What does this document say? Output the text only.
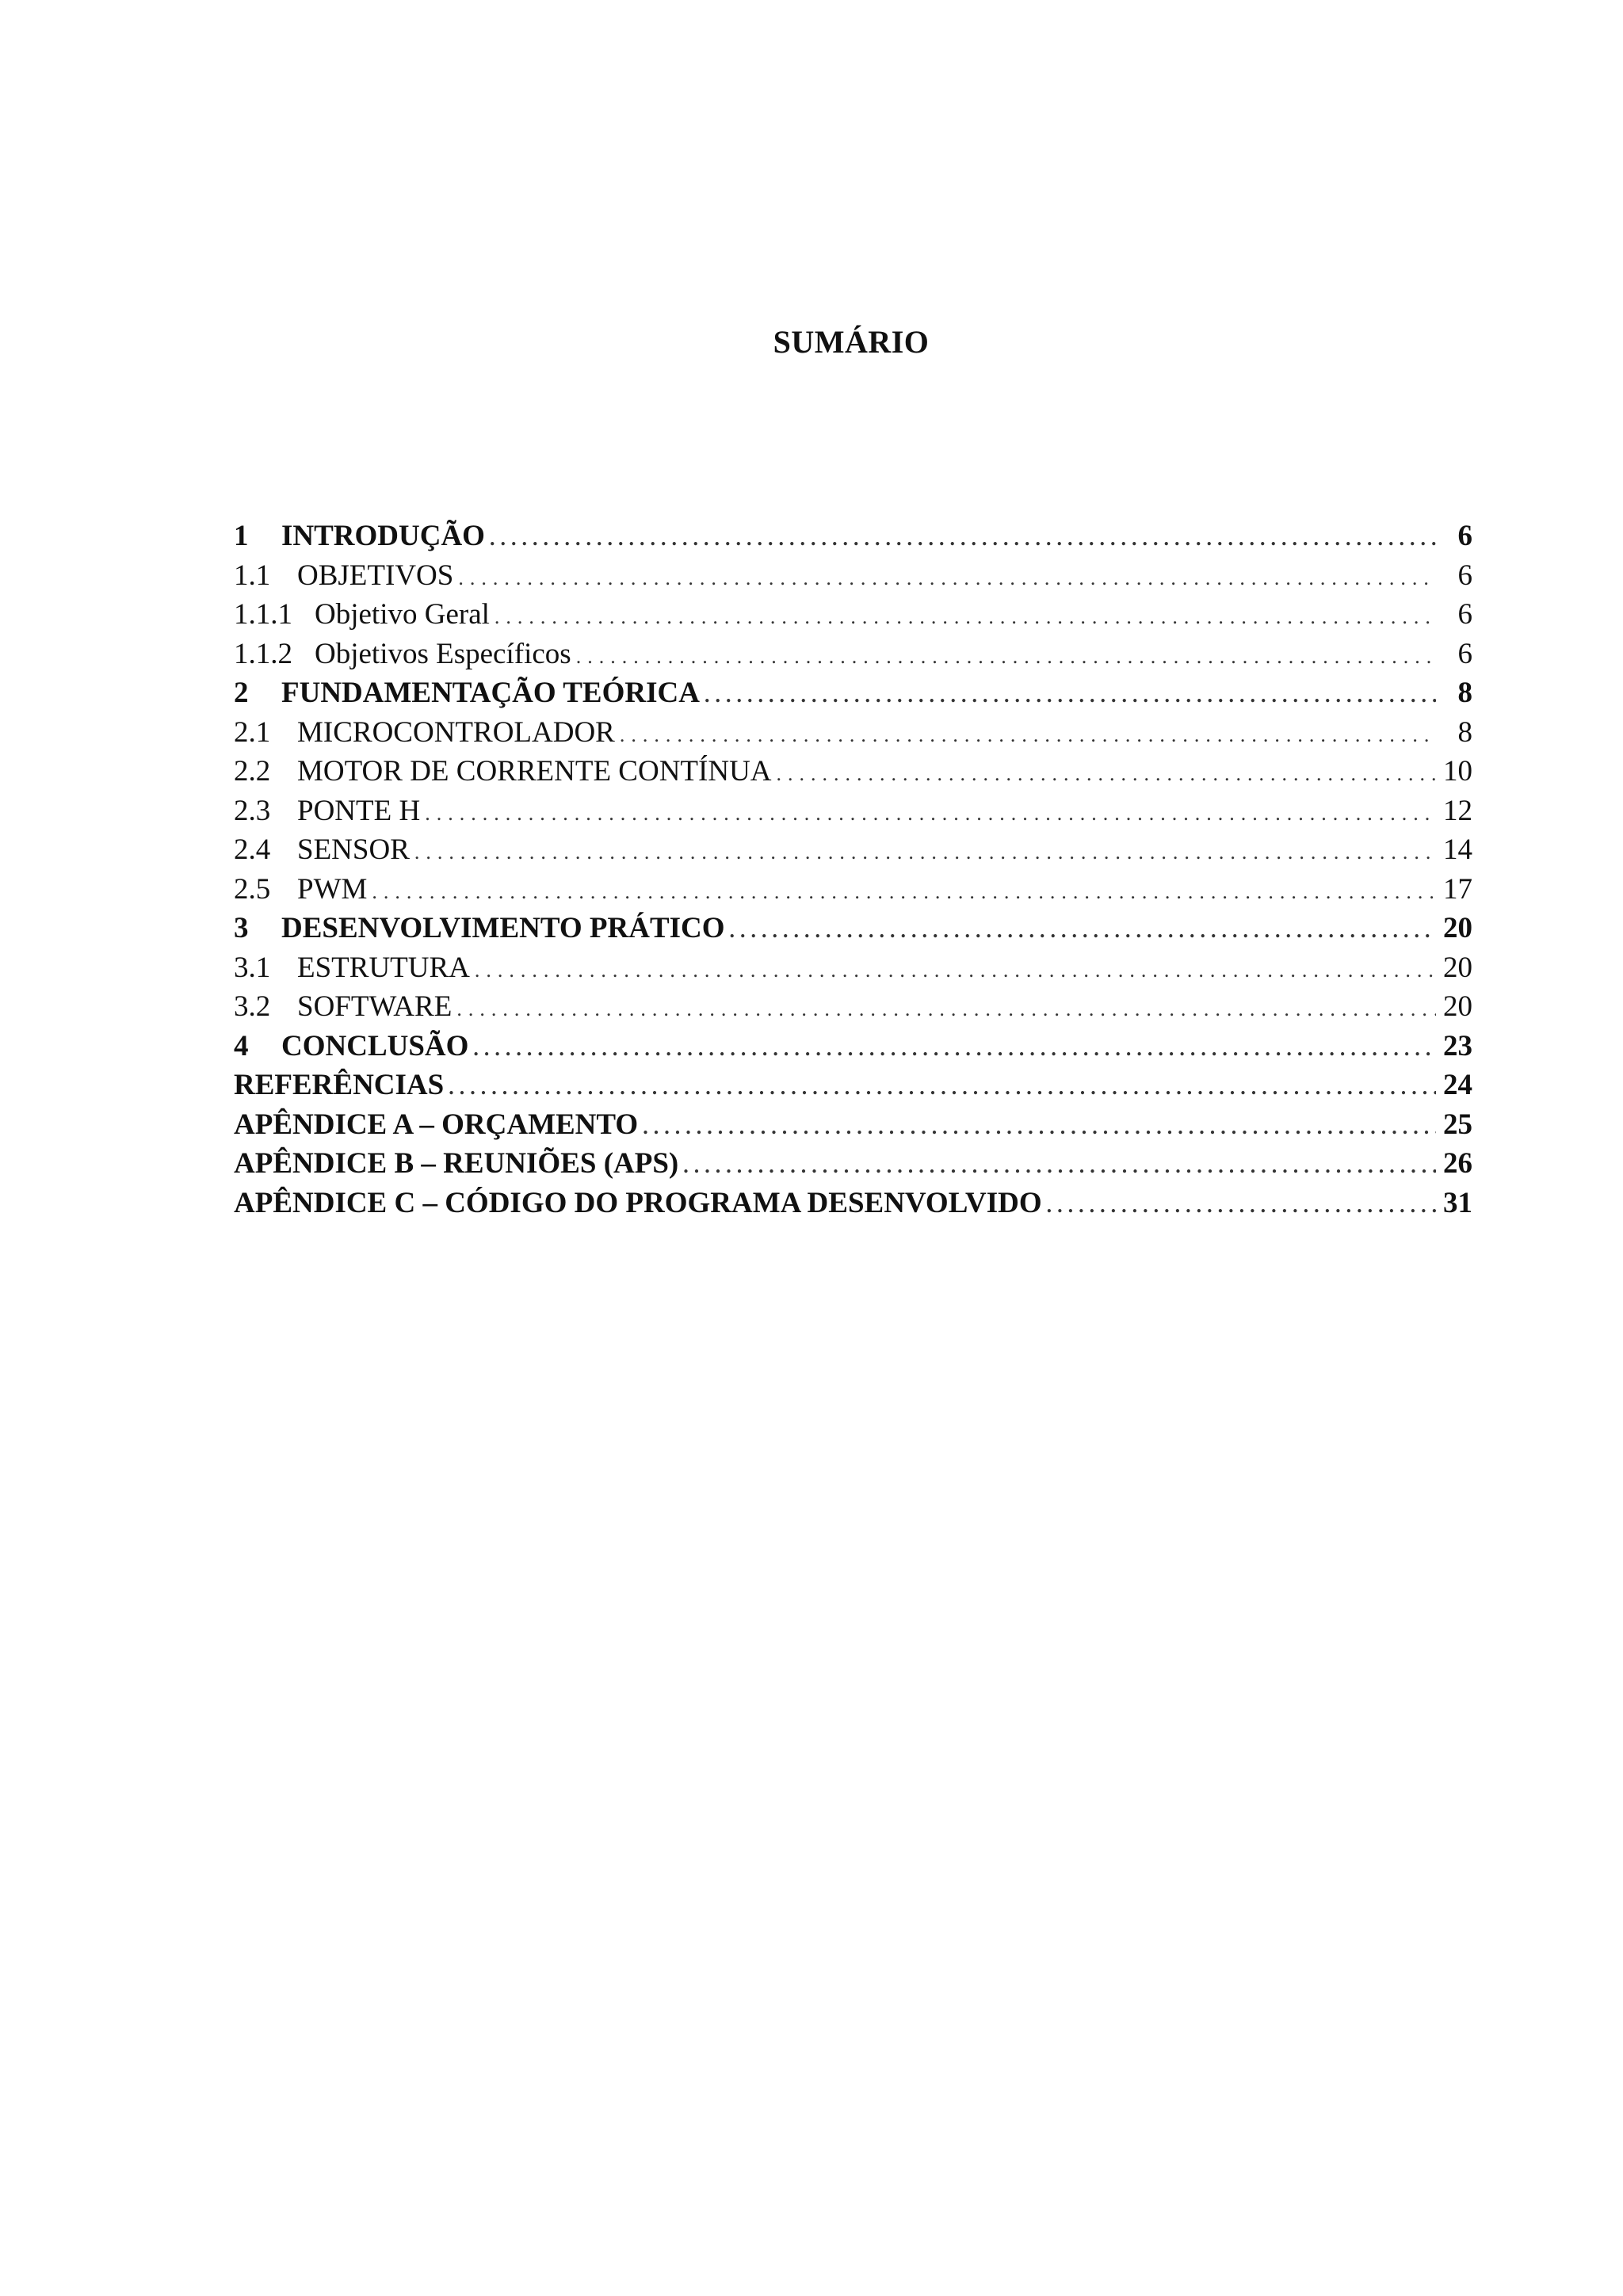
SUMÁRIO
1	INTRODUÇÃO .....	6
1.1 OBJETIVOS .....	6
1.1.1 Objetivo Geral .....	6
1.1.2 Objetivos Específicos .....	6
2	FUNDAMENTAÇÃO TEÓRICA .....	8
2.1 MICROCONTROLADOR .....	8
2.2 MOTOR DE CORRENTE CONTÍNUA .....	10
2.3 PONTE H .....	12
2.4 SENSOR .....	14
2.5 PWM .....	17
3	DESENVOLVIMENTO PRÁTICO .....	20
3.1 ESTRUTURA .....	20
3.2 SOFTWARE .....	20
4	CONCLUSÃO .....	23
REFERÊNCIAS .....	24
APÊNDICE A – ORÇAMENTO .....	25
APÊNDICE B – REUNIÕES (APS) .....	26
APÊNDICE C – CÓDIGO DO PROGRAMA DESENVOLVIDO .....	31
